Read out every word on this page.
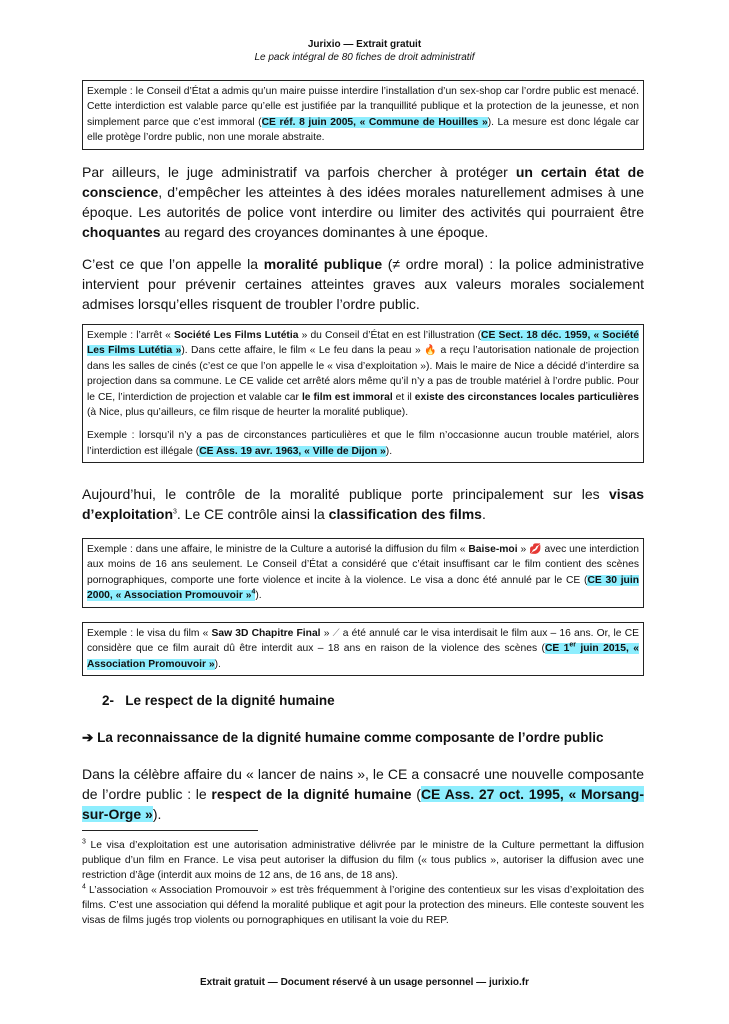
Jurixio — Extrait gratuit
Le pack intégral de 80 fiches de droit administratif
Exemple : le Conseil d’État a admis qu’un maire puisse interdire l’installation d’un sex-shop car l’ordre public est menacé. Cette interdiction est valable parce qu’elle est justifiée par la tranquillité publique et la protection de la jeunesse, et non simplement parce que c’est immoral (CE réf. 8 juin 2005, « Commune de Houilles »). La mesure est donc légale car elle protège l’ordre public, non une morale abstraite.
Par ailleurs, le juge administratif va parfois chercher à protéger un certain état de conscience, d’empêcher les atteintes à des idées morales naturellement admises à une époque. Les autorités de police vont interdire ou limiter des activités qui pourraient être choquantes au regard des croyances dominantes à une époque.
C’est ce que l’on appelle la moralité publique (≠ ordre moral) : la police administrative intervient pour prévenir certaines atteintes graves aux valeurs morales socialement admises lorsqu’elles risquent de troubler l’ordre public.
Exemple : l’arrêt « Société Les Films Lutétia » du Conseil d’État en est l’illustration (CE Sect. 18 déc. 1959, « Société Les Films Lutétia »). Dans cette affaire, le film « Le feu dans la peau » 🔥 a reçu l’autorisation nationale de projection dans les salles de cinés (c’est ce que l’on appelle le « visa d’exploitation »). Mais le maire de Nice a décidé d’interdire sa projection dans sa commune. Le CE valide cet arrêté alors même qu’il n’y a pas de trouble matériel à l’ordre public. Pour le CE, l’interdiction de projection et valable car le film est immoral et il existe des circonstances locales particulières (à Nice, plus qu’ailleurs, ce film risque de heurter la moralité publique).
Exemple : lorsqu’il n’y a pas de circonstances particulières et que le film n’occasionne aucun trouble matériel, alors l’interdiction est illégale (CE Ass. 19 avr. 1963, « Ville de Dijon »).
Aujourd’hui, le contrôle de la moralité publique porte principalement sur les visas d’exploitation$^3$. Le CE contrôle ainsi la classification des films.
Exemple : dans une affaire, le ministre de la Culture a autorisé la diffusion du film « Baise-moi » 💋 avec une interdiction aux moins de 16 ans seulement. Le Conseil d’État a considéré que c’était insuffisant car le film contient des scènes pornographiques, comporte une forte violence et incite à la violence. Le visa a donc été annulé par le CE (CE 30 juin 2000, « Association Promouvoir »$^4$).
Exemple : le visa du film « Saw 3D Chapitre Final » ⟋ a été annulé car le visa interdisait le film aux – 16 ans. Or, le CE considère que ce film aurait dû être interdit aux – 18 ans en raison de la violence des scènes (CE 1er juin 2015, « Association Promouvoir »).
2- Le respect de la dignité humaine
➔ La reconnaissance de la dignité humaine comme composante de l’ordre public
Dans la célèbre affaire du « lancer de nains », le CE a consacré une nouvelle composante de l’ordre public : le respect de la dignité humaine (CE Ass. 27 oct. 1995, « Morsang-sur-Orge »).
$^3$ Le visa d’exploitation est une autorisation administrative délivrée par le ministre de la Culture permettant la diffusion publique d’un film en France. Le visa peut autoriser la diffusion du film (« tous publics », autoriser la diffusion avec une restriction d’âge (interdit aux moins de 12 ans, de 16 ans, de 18 ans).
$^4$ L’association « Association Promouvoir » est très fréquemment à l’origine des contentieux sur les visas d’exploitation des films. C’est une association qui défend la moralité publique et agit pour la protection des mineurs. Elle conteste souvent les visas de films jugés trop violents ou pornographiques en utilisant la voie du REP.
Extrait gratuit — Document réservé à un usage personnel — jurixio.fr
